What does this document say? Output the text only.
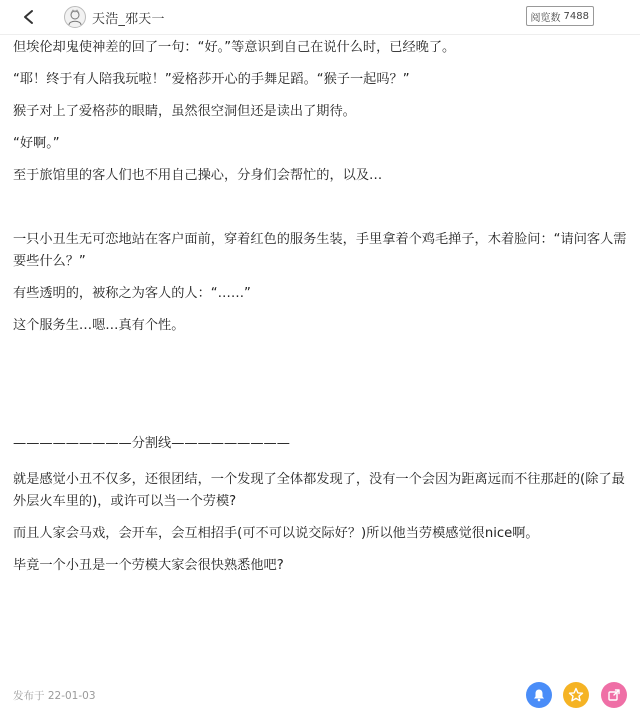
天浩_邪天一	阅览数 7488

但埃伦却鬼使神差的回了一句：“好。”等意识到自己在说什么时，已经晚了。

“耶！终于有人陪我玩啦！”爱格莎开心的手舞足蹈。“猴子一起吗？”

猴子对上了爱格莎的眼睛，虽然很空洞但还是读出了期待。

“好啊。”

至于旅馆里的客人们也不用自己操心，分身们会帮忙的，以及…

一只小丑生无可恋地站在客户面前，穿着红色的服务生装，手里拿着个鸡毛掸子，木着脸问：“请问客人需要些什么？”

有些透明的，被称之为客人的人：“……”

这个服务生…嗯…真有个性。

—————————分割线—————————

就是感觉小丑不仅多，还很团结，一个发现了全体都发现了，没有一个会因为距离远而不往那赶的(除了最外层火车里的)，或许可以当一个劳模?

而且人家会马戏，会开车，会互相招手(可不可以说交际好？)所以他当劳模感觉很nice啊。

毕竟一个小丑是一个劳模大家会很快熟悉他吧?

发布于 22-01-03
